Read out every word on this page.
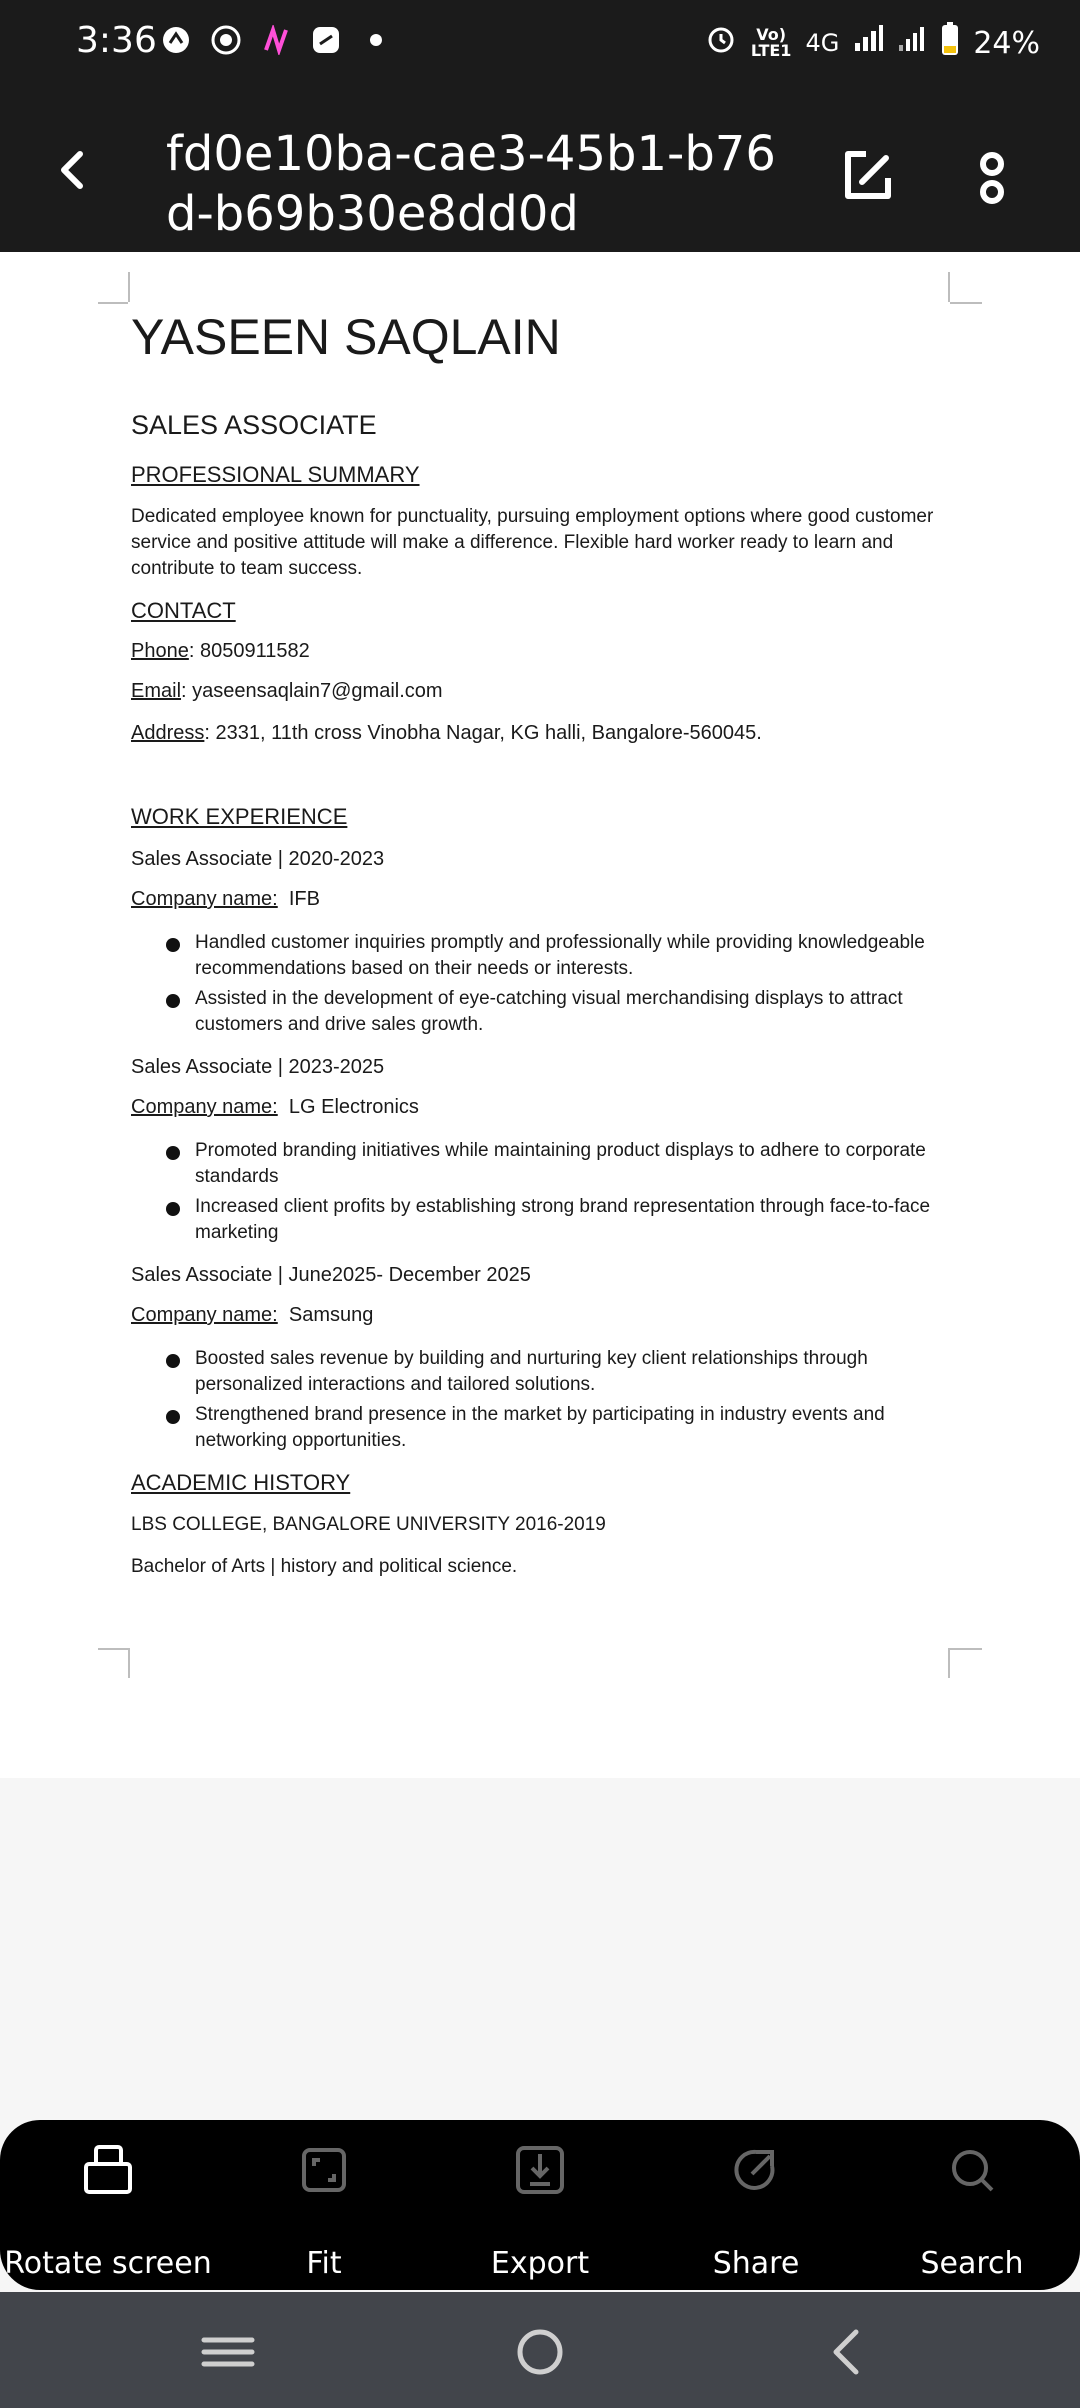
3:36	Vo)
LTE1 4G	24%
fd0e10ba-cae3-45b1-b76d-b69b30e8dd0d
YASEEN SAQLAIN
SALES ASSOCIATE
PROFESSIONAL SUMMARY
Dedicated employee known for punctuality, pursuing employment options where good customer service and positive attitude will make a difference. Flexible hard worker ready to learn and contribute to team success.
CONTACT
Phone: 8050911582
Email: yaseensaqlain7@gmail.com
Address: 2331, 11th cross Vinobha Nagar, KG halli, Bangalore-560045.
WORK EXPERIENCE
Sales Associate | 2020-2023
Company name: IFB
Handled customer inquiries promptly and professionally while providing knowledgeable recommendations based on their needs or interests.
Assisted in the development of eye-catching visual merchandising displays to attract customers and drive sales growth.
Sales Associate | 2023-2025
Company name: LG Electronics
Promoted branding initiatives while maintaining product displays to adhere to corporate standards
Increased client profits by establishing strong brand representation through face-to-face marketing
Sales Associate | June2025- December 2025
Company name: Samsung
Boosted sales revenue by building and nurturing key client relationships through personalized interactions and tailored solutions.
Strengthened brand presence in the market by participating in industry events and networking opportunities.
ACADEMIC HISTORY
LBS COLLEGE, BANGALORE UNIVERSITY 2016-2019
Bachelor of Arts | history and political science.
Rotate screen	Fit	Export	Share	Search
